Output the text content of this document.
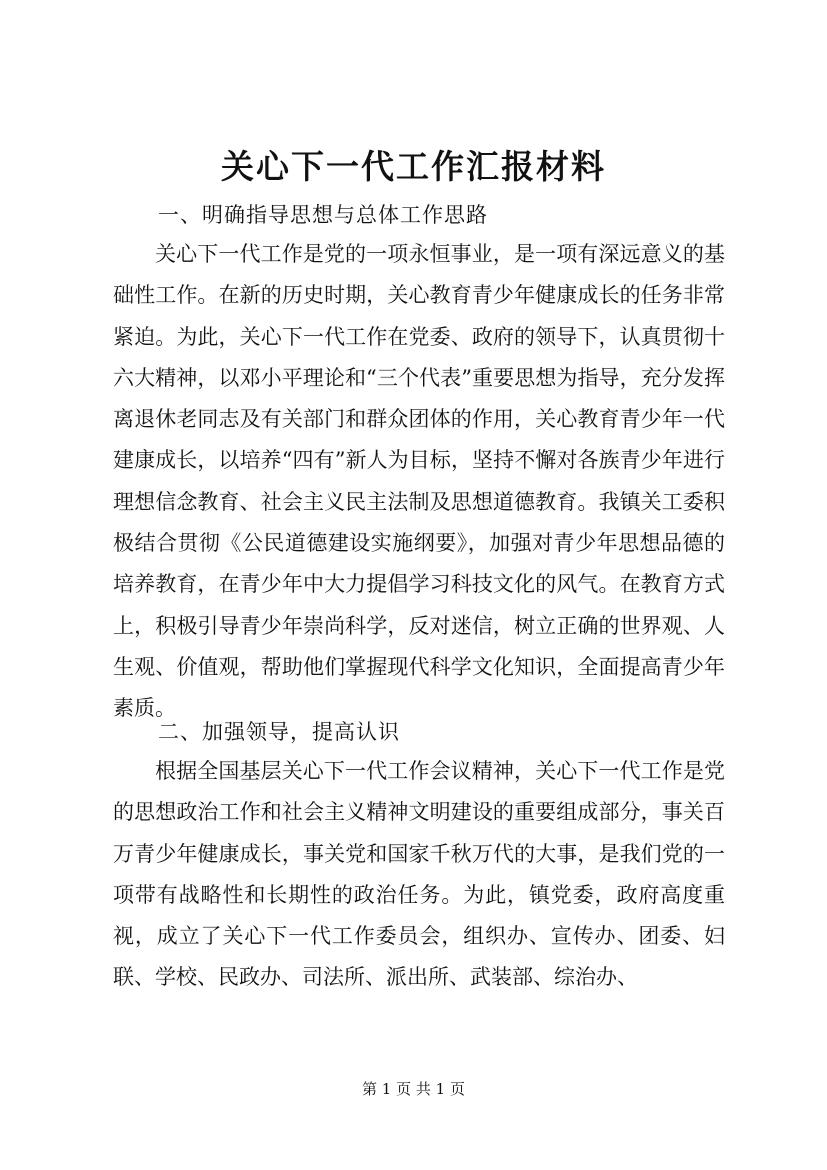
关心下一代工作汇报材料
一、明确指导思想与总体工作思路

关心下一代工作是党的一项永恒事业，是一项有深远意义的基础性工作。在新的历史时期，关心教育青少年健康成长的任务非常紧迫。为此，关心下一代工作在党委、政府的领导下，认真贯彻十六大精神，以邓小平理论和“三个代表”重要思想为指导，充分发挥离退休老同志及有关部门和群众团体的作用，关心教育青少年一代建康成长，以培养“四有”新人为目标，坚持不懈对各族青少年进行理想信念教育、社会主义民主法制及思想道德教育。我镇关工委积极结合贯彻《公民道德建设实施纲要》，加强对青少年思想品德的培养教育，在青少年中大力提倡学习科技文化的风气。在教育方式上，积极引导青少年崇尚科学，反对迷信，树立正确的世界观、人生观、价值观，帮助他们掌握现代科学文化知识，全面提高青少年素质。

二、加强领导，提高认识

根据全国基层关心下一代工作会议精神，关心下一代工作是党的思想政治工作和社会主义精神文明建设的重要组成部分，事关百万青少年健康成长，事关党和国家千秋万代的大事，是我们党的一项带有战略性和长期性的政治任务。为此，镇党委，政府高度重视，成立了关心下一代工作委员会，组织办、宣传办、团委、妇联、学校、民政办、司法所、派出所、武装部、综治办、

第 1 页 共 1 页
